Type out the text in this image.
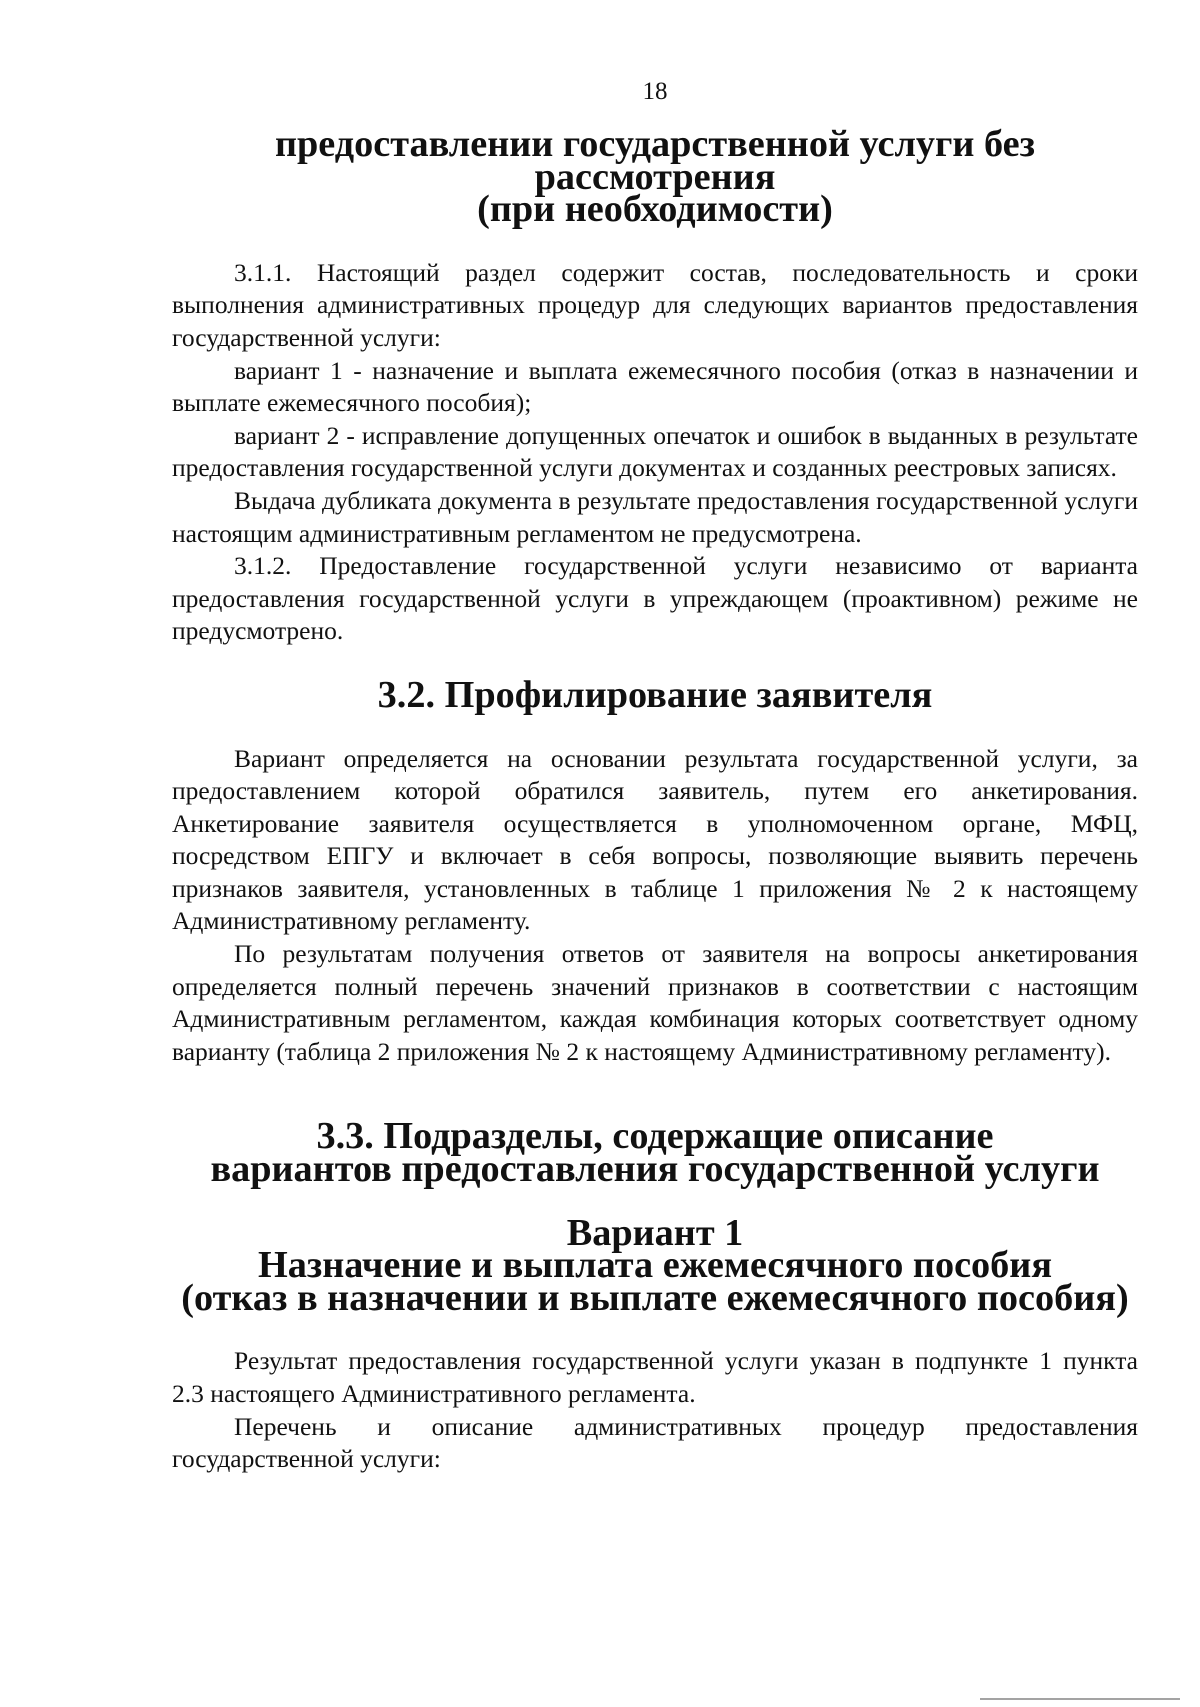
18
предоставлении государственной услуги без рассмотрения
(при необходимости)

3.1.1. Настоящий раздел содержит состав, последовательность и сроки выполнения административных процедур для следующих вариантов предоставления государственной услуги:

вариант 1 - назначение и выплата ежемесячного пособия (отказ в назначении и выплате ежемесячного пособия);

вариант 2 - исправление допущенных опечаток и ошибок в выданных в результате предоставления государственной услуги документах и созданных реестровых записях.

Выдача дубликата документа в результате предоставления государственной услуги настоящим административным регламентом не предусмотрена.

3.1.2. Предоставление государственной услуги независимо от варианта предоставления государственной услуги в упреждающем (проактивном) режиме не предусмотрено.

3.2. Профилирование заявителя

Вариант определяется на основании результата государственной услуги, за предоставлением которой обратился заявитель, путем его анкетирования. Анкетирование заявителя осуществляется в уполномоченном органе, МФЦ, посредством ЕПГУ и включает в себя вопросы, позволяющие выявить перечень признаков заявителя, установленных в таблице 1 приложения № 2 к настоящему Административному регламенту.

По результатам получения ответов от заявителя на вопросы анкетирования определяется полный перечень значений признаков в соответствии с настоящим Административным регламентом, каждая комбинация которых соответствует одному варианту (таблица 2 приложения № 2 к настоящему Административному регламенту).

3.3. Подразделы, содержащие описание
вариантов предоставления государственной услуги
Вариант 1
Назначение и выплата ежемесячного пособия
(отказ в назначении и выплате ежемесячного пособия)

Результат предоставления государственной услуги указан в подпункте 1 пункта 2.3 настоящего Административного регламента.

Перечень и описание административных процедур предоставления государственной услуги:
